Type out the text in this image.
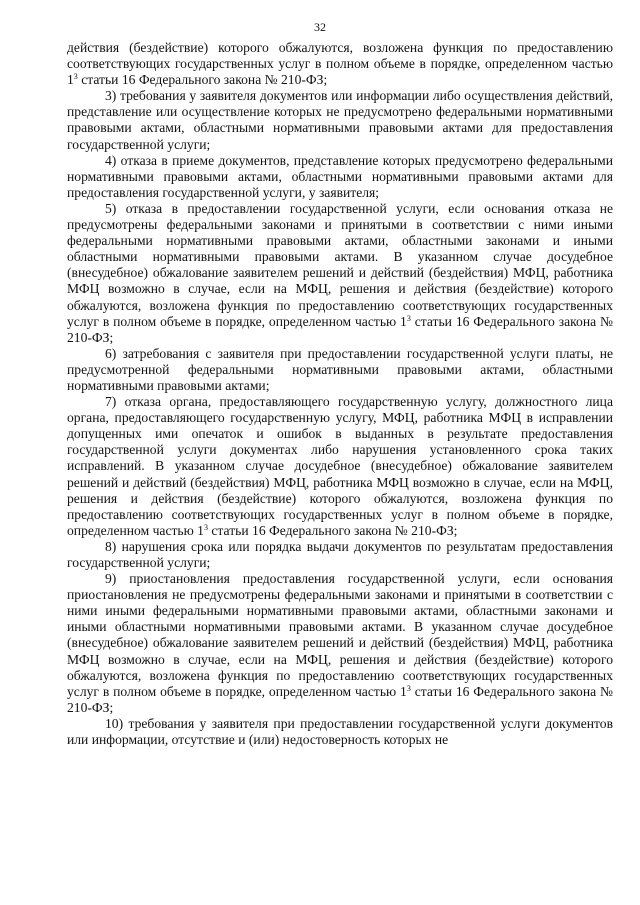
32

действия (бездействие) которого обжалуются, возложена функция по предоставлению соответствующих государственных услуг в полном объеме в порядке, определенном частью $1^3$ статьи 16 Федерального закона № 210-ФЗ;

3) требования у заявителя документов или информации либо осуществления действий, представление или осуществление которых не предусмотрено федеральными нормативными правовыми актами, областными нормативными правовыми актами для предоставления государственной услуги;

4) отказа в приеме документов, представление которых предусмотрено федеральными нормативными правовыми актами, областными нормативными правовыми актами для предоставления государственной услуги, у заявителя;

5) отказа в предоставлении государственной услуги, если основания отказа не предусмотрены федеральными законами и принятыми в соответствии с ними иными федеральными нормативными правовыми актами, областными законами и иными областными нормативными правовыми актами. В указанном случае досудебное (внесудебное) обжалование заявителем решений и действий (бездействия) МФЦ, работника МФЦ возможно в случае, если на МФЦ, решения и действия (бездействие) которого обжалуются, возложена функция по предоставлению соответствующих государственных услуг в полном объеме в порядке, определенном частью $1^3$ статьи 16 Федерального закона № 210-ФЗ;

6) затребования с заявителя при предоставлении государственной услуги платы, не предусмотренной федеральными нормативными правовыми актами, областными нормативными правовыми актами;

7) отказа органа, предоставляющего государственную услугу, должностного лица органа, предоставляющего государственную услугу, МФЦ, работника МФЦ в исправлении допущенных ими опечаток и ошибок в выданных в результате предоставления государственной услуги документах либо нарушения установленного срока таких исправлений. В указанном случае досудебное (внесудебное) обжалование заявителем решений и действий (бездействия) МФЦ, работника МФЦ возможно в случае, если на МФЦ, решения и действия (бездействие) которого обжалуются, возложена функция по предоставлению соответствующих государственных услуг в полном объеме в порядке, определенном частью $1^3$ статьи 16 Федерального закона № 210-ФЗ;

8) нарушения срока или порядка выдачи документов по результатам предоставления государственной услуги;

9) приостановления предоставления государственной услуги, если основания приостановления не предусмотрены федеральными законами и принятыми в соответствии с ними иными федеральными нормативными правовыми актами, областными законами и иными областными нормативными правовыми актами. В указанном случае досудебное (внесудебное) обжалование заявителем решений и действий (бездействия) МФЦ, работника МФЦ возможно в случае, если на МФЦ, решения и действия (бездействие) которого обжалуются, возложена функция по предоставлению соответствующих государственных услуг в полном объеме в порядке, определенном частью $1^3$ статьи 16 Федерального закона № 210-ФЗ;

10) требования у заявителя при предоставлении государственной услуги документов или информации, отсутствие и (или) недостоверность которых не
